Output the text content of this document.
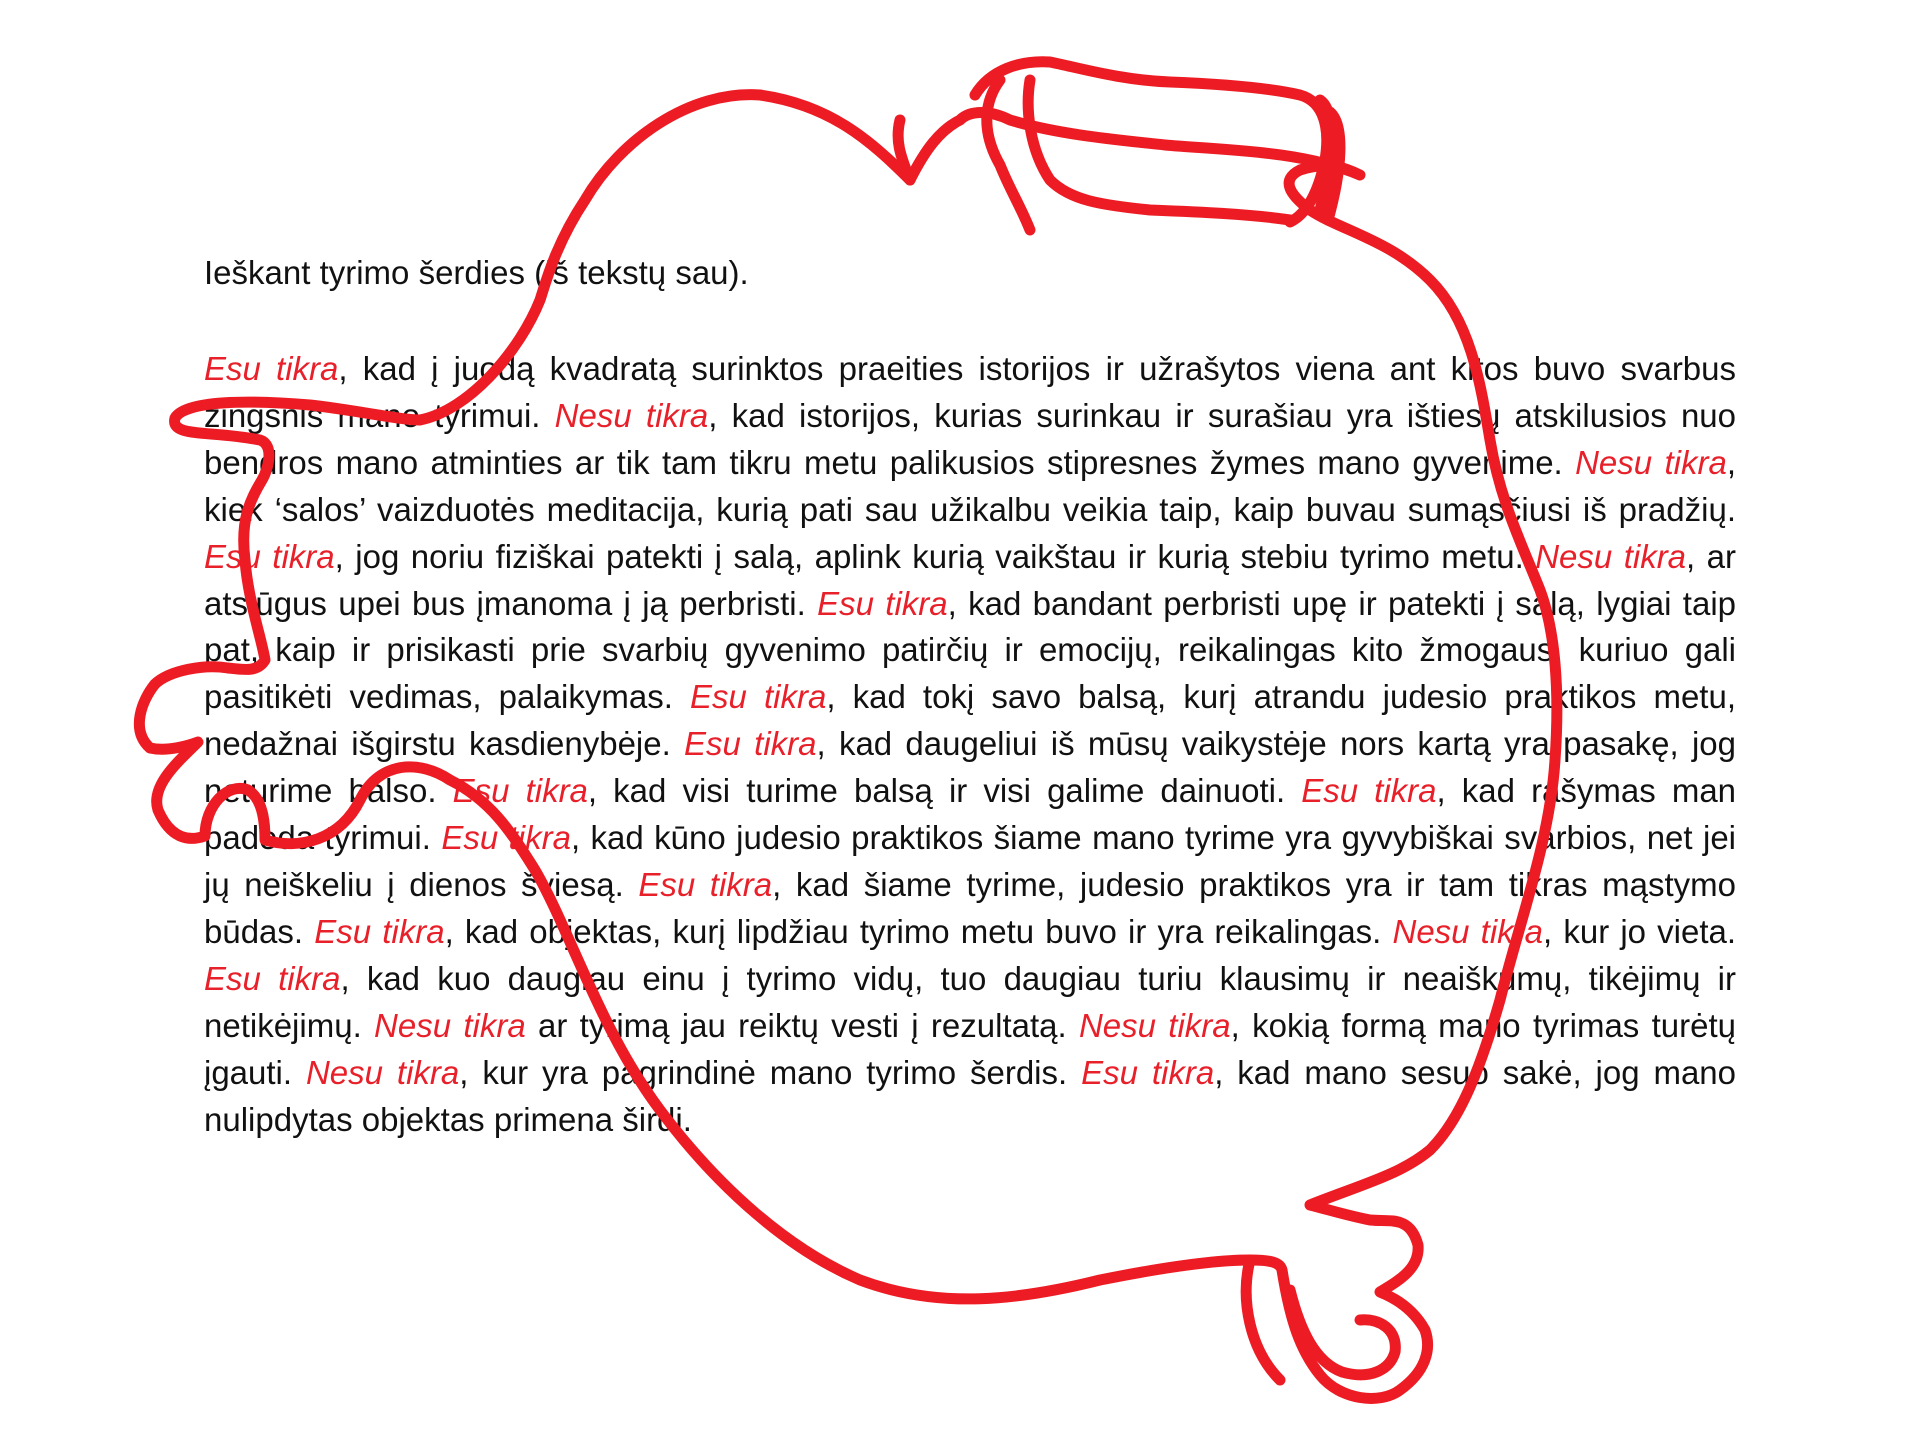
Ieškant tyrimo šerdies (iš tekstų sau).

Esu tikra, kad į juodą kvadratą surinktos praeities istorijos ir užrašytos viena ant kitos buvo svarbus žingsnis mano tyrimui. Nesu tikra, kad istorijos, kurias surinkau ir surašiau yra ištiesų atskilusios nuo bendros mano atminties ar tik tam tikru metu palikusios stipresnes žymes mano gyvenime. Nesu tikra, kiek ‘salos’ vaizduotės meditacija, kurią pati sau užikalbu veikia taip, kaip buvau sumąsčiusi iš pradžių. Esu tikra, jog noriu fiziškai patekti į salą, aplink kurią vaikštau ir kurią stebiu tyrimo metu. Nesu tikra, ar atslūgus upei bus įmanoma į ją perbristi. Esu tikra, kad bandant perbristi upę ir patekti į salą, lygiai taip pat, kaip ir prisikasti prie svarbių gyvenimo patirčių ir emocijų, reikalingas kito žmogaus, kuriuo gali pasitikėti vedimas, palaikymas. Esu tikra, kad tokį savo balsą, kurį atrandu judesio praktikos metu, nedažnai išgirstu kasdienybėje. Esu tikra, kad daugeliui iš mūsų vaikystėje nors kartą yra pasakę, jog neturime balso. Esu tikra, kad visi turime balsą ir visi galime dainuoti. Esu tikra, kad rašymas man padeda tyrimui. Esu tikra, kad kūno judesio praktikos šiame mano tyrime yra gyvybiškai svarbios, net jei jų neiškeliu į dienos šviesą. Esu tikra, kad šiame tyrime, judesio praktikos yra ir tam tikras mąstymo būdas. Esu tikra, kad objektas, kurį lipdžiau tyrimo metu buvo ir yra reikalingas. Nesu tikra, kur jo vieta. Esu tikra, kad kuo daugiau einu į tyrimo vidų, tuo daugiau turiu klausimų ir neaiškumų, tikėjimų ir netikėjimų. Nesu tikra ar tyrimą jau reiktų vesti į rezultatą. Nesu tikra, kokią formą mano tyrimas turėtų įgauti. Nesu tikra, kur yra pagrindinė mano tyrimo šerdis. Esu tikra, kad mano sesuo sakė, jog mano nulipdytas objektas primena širdį.
